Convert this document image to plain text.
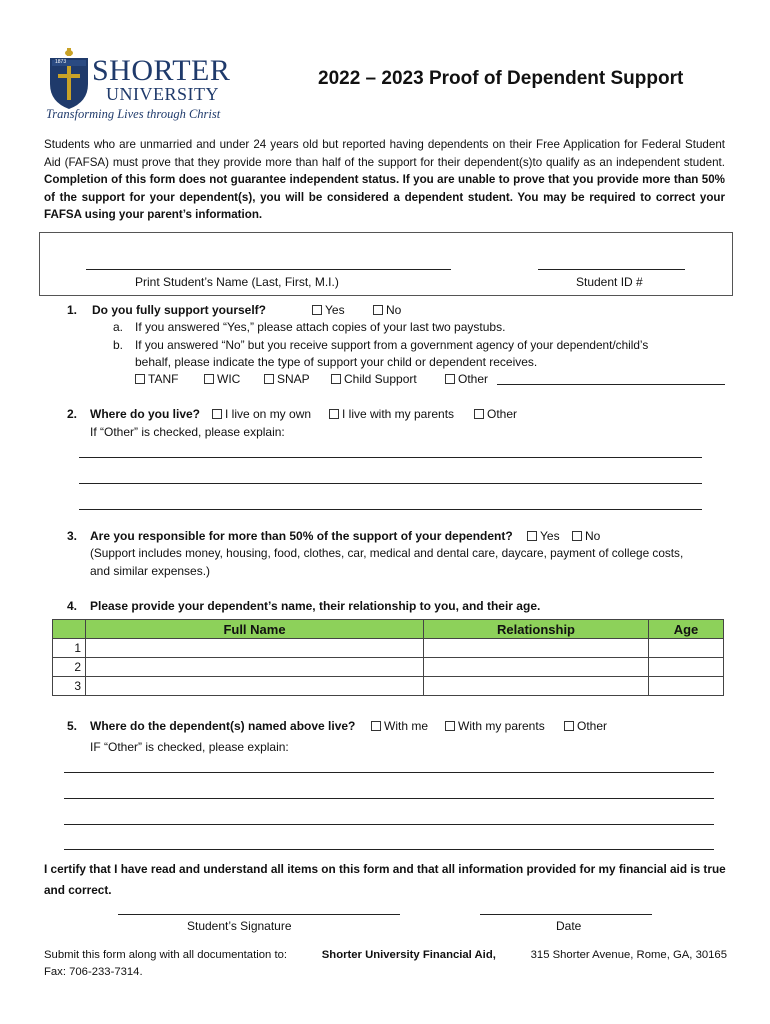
1873 SHORTER
UNIVERSITY
Transforming Lives through Christ
2022 – 2023 Proof of Dependent Support
Students who are unmarried and under 24 years old but reported having dependents on their Free Application for Federal Student Aid (FAFSA) must prove that they provide more than half of the support for their dependent(s)to qualify as an independent student. Completion of this form does not guarantee independent status. If you are unable to prove that you provide more than 50% of the support for your dependent(s), you will be considered a dependent student. You may be required to correct your FAFSA using your parent’s information.
Print Student’s Name (Last, First, M.I.)	Student ID #
1. Do you fully support yourself?	Yes	No
a. If you answered “Yes,” please attach copies of your last two paystubs.
b. If you answered “No” but you receive support from a government agency of your dependent/child’s
behalf, please indicate the type of support your child or dependent receives.
TANF	WIC	SNAP	Child Support	Other
2. Where do you live?	I live on my own	I live with my parents	Other
If “Other” is checked, please explain:
3. Are you responsible for more than 50% of the support of your dependent?	Yes	No
(Support includes money, housing, food, clothes, car, medical and dental care, daycare, payment of college costs,
and similar expenses.)
4. Please provide your dependent’s name, their relationship to you, and their age.
	Full Name	Relationship	Age
1			
2			
3			
5. Where do the dependent(s) named above live?	With me	With my parents	Other
IF “Other” is checked, please explain:
I certify that I have read and understand all items on this form and that all information provided for my financial aid is true and correct.
Student’s Signature	Date
Submit this form along with all documentation to:	Shorter University Financial Aid,	315 Shorter Avenue, Rome, GA, 30165
Fax: 706-233-7314.
